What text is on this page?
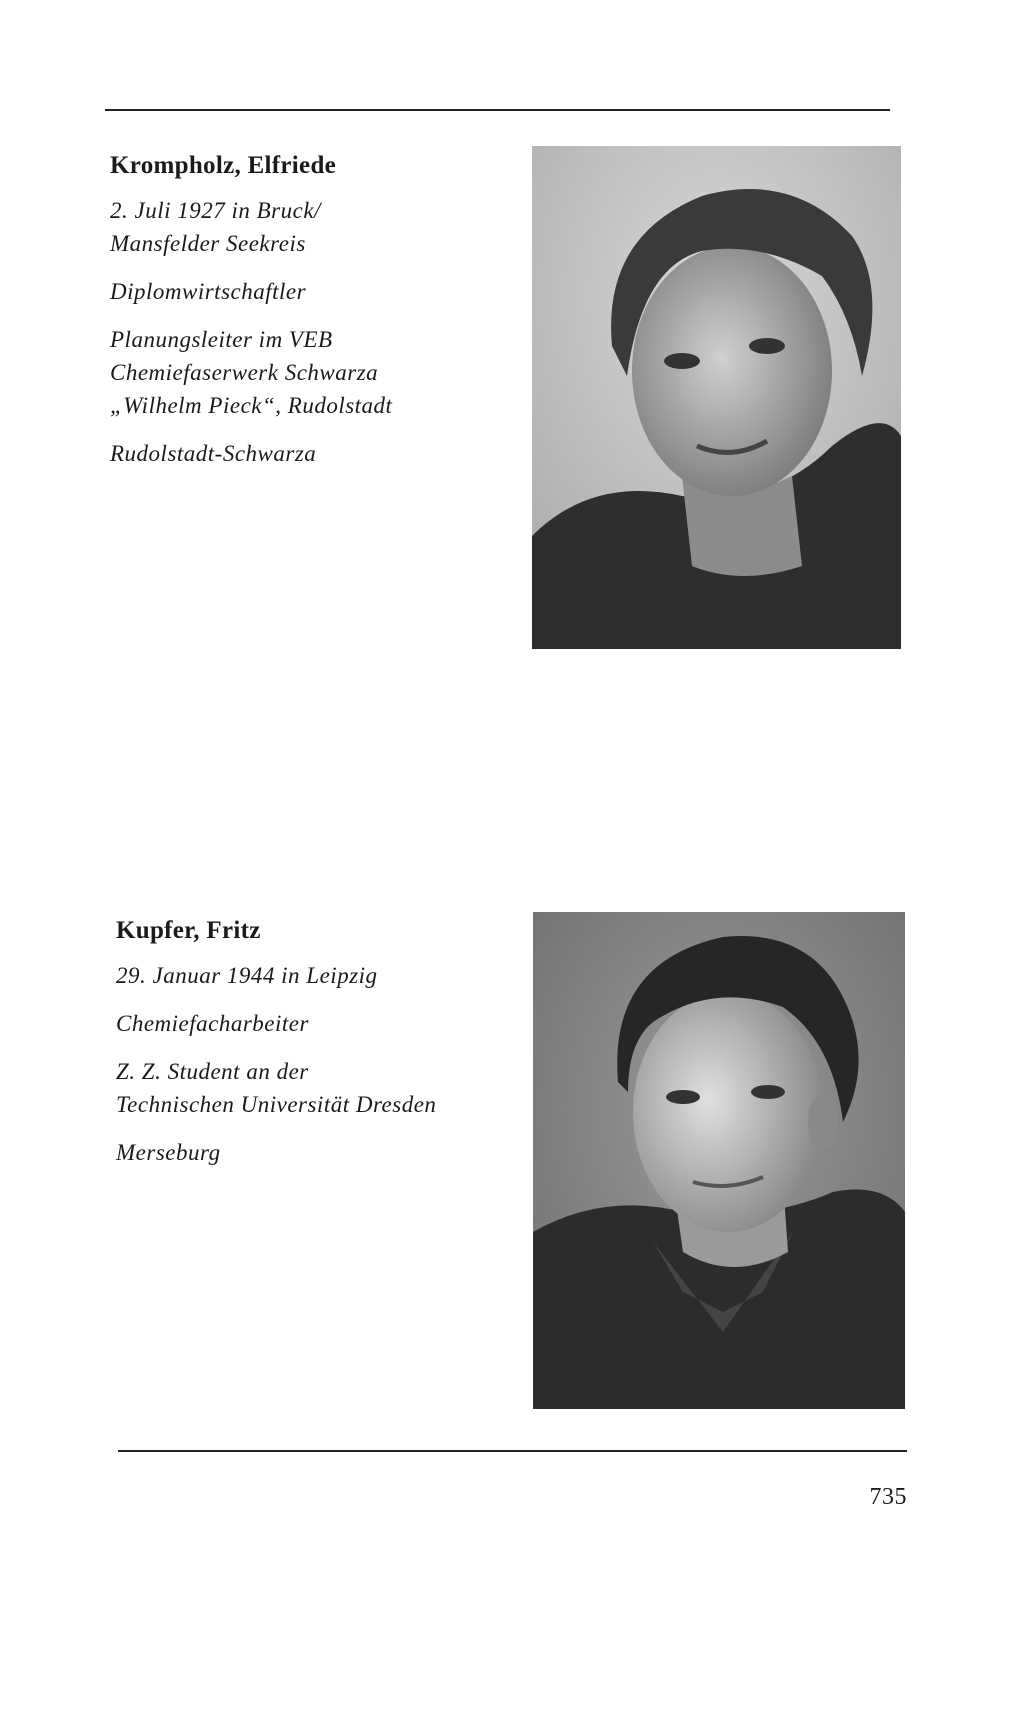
Krompholz, Elfriede

2. Juli 1927 in Bruck/

Mansfelder Seekreis

Diplomwirtschaftler

Planungsleiter im VEB

Chemiefaserwerk Schwarza

„Wilhelm Pieck“, Rudolstadt

Rudolstadt-Schwarza

Kupfer, Fritz

29. Januar 1944 in Leipzig

Chemiefacharbeiter

Z. Z. Student an der

Technischen Universität Dresden

Merseburg

735
